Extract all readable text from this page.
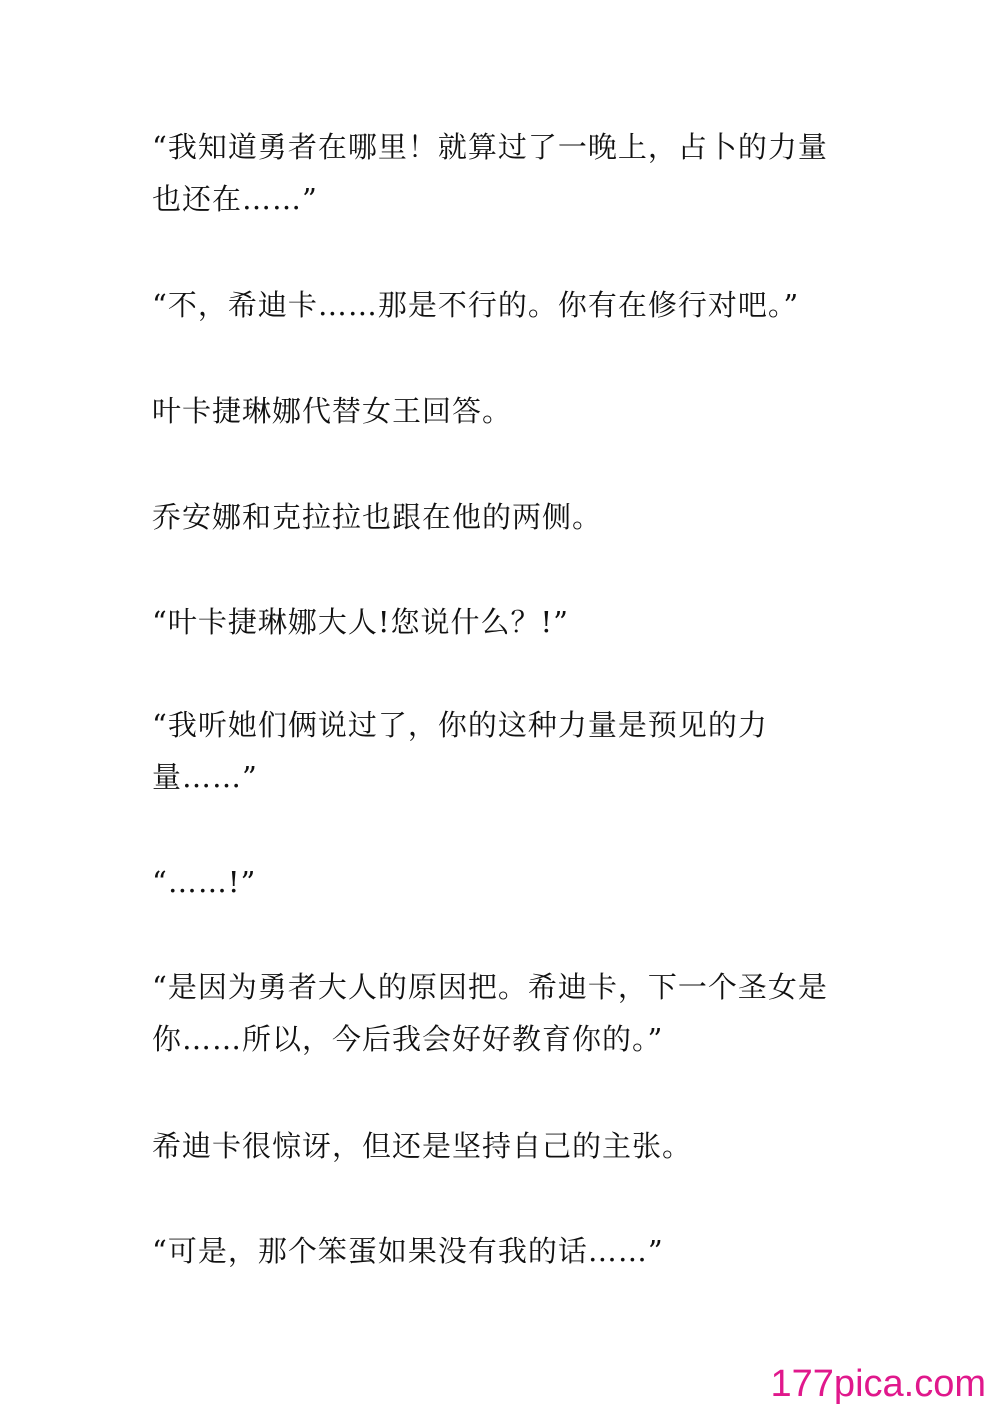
“我知道勇者在哪里！就算过了一晚上，占卜的力量也还在……”

“不，希迪卡……那是不行的。你有在修行对吧。”

叶卡捷琳娜代替女王回答。

乔安娜和克拉拉也跟在他的两侧。

“叶卡捷琳娜大人!您说什么？!”

“我听她们俩说过了，你的这种力量是预见的力量……”

“……!”

“是因为勇者大人的原因把。希迪卡，下一个圣女是你……所以，今后我会好好教育你的。”

希迪卡很惊讶，但还是坚持自己的主张。

“可是，那个笨蛋如果没有我的话……”

177pica.com
